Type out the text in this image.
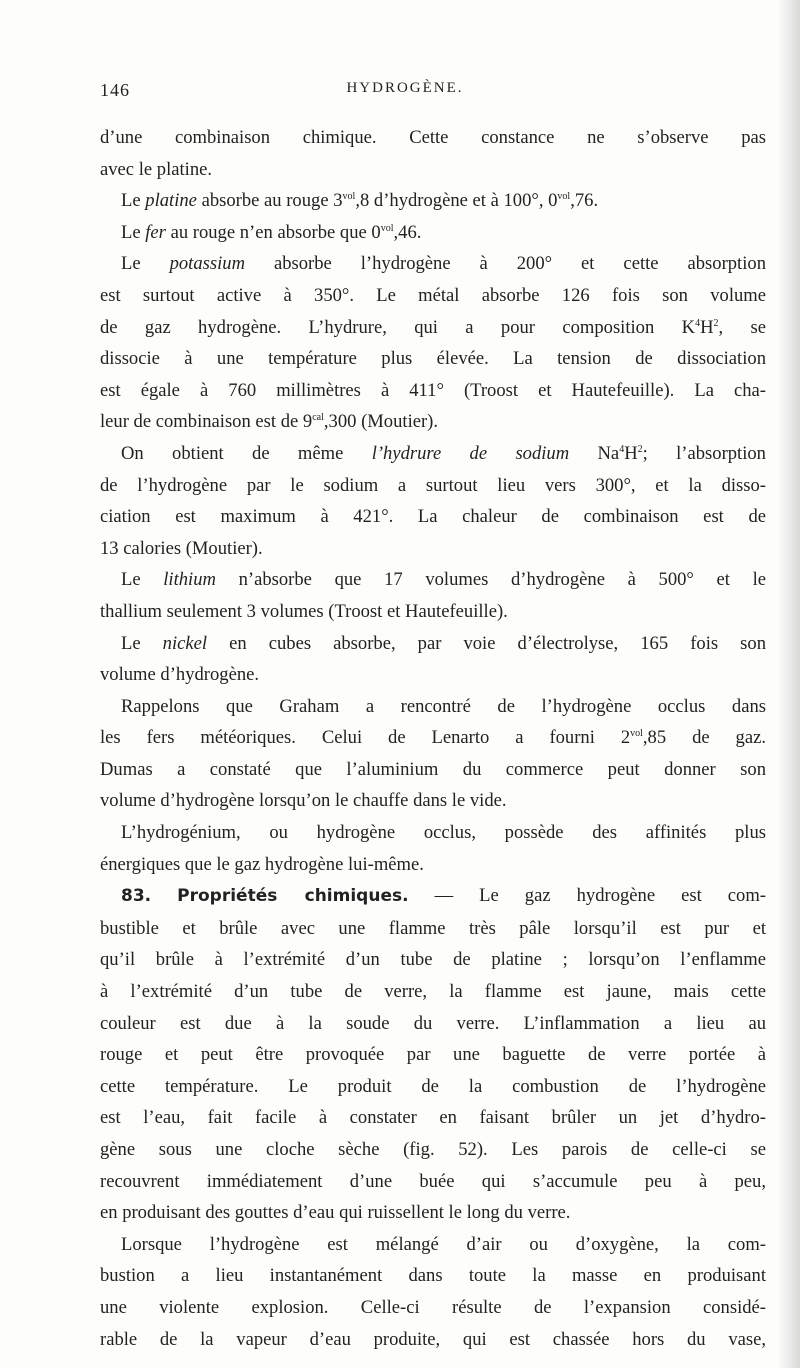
146	HYDROGÈNE.
d’une combinaison chimique. Cette constance ne s’observe pas
avec le platine.
Le platine absorbe au rouge $3^{vol},8$ d’hydrogène et à 100°, $0^{vol},76$.
Le fer au rouge n’en absorbe que $0^{vol},46$.
Le potassium absorbe l’hydrogène à 200° et cette absorption
est surtout active à 350°. Le métal absorbe 126 fois son volume
de gaz hydrogène. L’hydrure, qui a pour composition $K^4H^2$, se
dissocie à une température plus élevée. La tension de dissociation
est égale à 760 millimètres à 411° (Troost et Hautefeuille). La cha-
leur de combinaison est de $9^{cal},300$ (Moutier).
On obtient de même l’hydrure de sodium $Na^4H^2$; l’absorption
de l’hydrogène par le sodium a surtout lieu vers 300°, et la disso-
ciation est maximum à 421°. La chaleur de combinaison est de
13 calories (Moutier).
Le lithium n’absorbe que 17 volumes d’hydrogène à 500° et le
thallium seulement 3 volumes (Troost et Hautefeuille).
Le nickel en cubes absorbe, par voie d’électrolyse, 165 fois son
volume d’hydrogène.
Rappelons que Graham a rencontré de l’hydrogène occlus dans
les fers météoriques. Celui de Lenarto a fourni $2^{vol},85$ de gaz.
Dumas a constaté que l’aluminium du commerce peut donner son
volume d’hydrogène lorsqu’on le chauffe dans le vide.
L’hydrogénium, ou hydrogène occlus, possède des affinités plus
énergiques que le gaz hydrogène lui-même.
83. Propriétés chimiques. — Le gaz hydrogène est com-
bustible et brûle avec une flamme très pâle lorsqu’il est pur et
qu’il brûle à l’extrémité d’un tube de platine ; lorsqu’on l’enflamme
à l’extrémité d’un tube de verre, la flamme est jaune, mais cette
couleur est due à la soude du verre. L’inflammation a lieu au
rouge et peut être provoquée par une baguette de verre portée à
cette température. Le produit de la combustion de l’hydrogène
est l’eau, fait facile à constater en faisant brûler un jet d’hydro-
gène sous une cloche sèche (fig. 52). Les parois de celle-ci se
recouvrent immédiatement d’une buée qui s’accumule peu à peu,
en produisant des gouttes d’eau qui ruissellent le long du verre.
Lorsque l’hydrogène est mélangé d’air ou d’oxygène, la com-
bustion a lieu instantanément dans toute la masse en produisant
une violente explosion. Celle-ci résulte de l’expansion considé-
rable de la vapeur d’eau produite, qui est chassée hors du vase,
